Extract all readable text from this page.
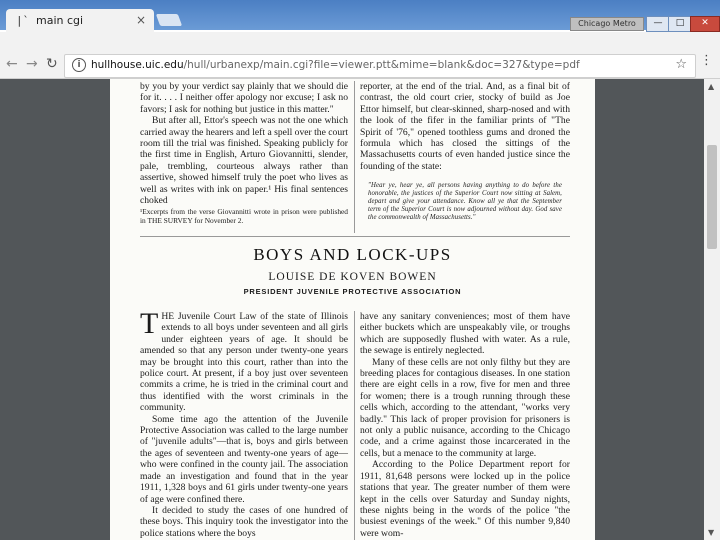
|` main cgi	×	Chicago Metro	—	□	✕
← → ↻	i hullhouse.uic.edu/hull/urbanexp/main.cgi?file=viewer.ptt&mime=blank&doc=327&type=pdf	☆ ⋮

by you by your verdict say plainly that we should die for it. . . . I neither offer apology nor excuse; I ask no favors; I ask for nothing but justice in this matter."

But after all, Ettor's speech was not the one which carried away the hearers and left a spell over the court room till the trial was finished. Speaking publicly for the first time in English, Arturo Giovannitti, slender, pale, trembling, courteous always rather than assertive, showed himself truly the poet who lives as well as writes with ink on paper.¹ His final sentences choked

¹Excerpts from the verse Giovannitti wrote in prison were published in THE SURVEY for November 2.

reporter, at the end of the trial. And, as a final bit of contrast, the old court crier, stocky of build as Joe Ettor himself, but clear-skinned, sharp-nosed and with the look of the fifer in the familiar prints of "The Spirit of '76," opened toothless gums and droned the formula which has closed the sittings of the Massachusetts courts of even handed justice since the founding of the state:

"Hear ye, hear ye, all persons having anything to do before the honorable, the justices of the Superior Court now sitting at Salem, depart and give your attendance. Know all ye that the September term of the Superior Court is now adjourned without day. God save the commonwealth of Massachusetts."

BOYS AND LOCK-UPS
LOUISE DE KOVEN BOWEN
PRESIDENT JUVENILE PROTECTIVE ASSOCIATION

THE Juvenile Court Law of the state of Illinois extends to all boys under seventeen and all girls under eighteen years of age. It should be amended so that any person under twenty-one years may be brought into this court, rather than into the police court. At present, if a boy just over seventeen commits a crime, he is tried in the criminal court and thus identified with the worst criminals in the community.

Some time ago the attention of the Juvenile Protective Association was called to the large number of "juvenile adults"—that is, boys and girls between the ages of seventeen and twenty-one years of age—who were confined in the county jail. The association made an investigation and found that in the year 1911, 1,328 boys and 61 girls under twenty-one years of age were confined there.

It decided to study the cases of one hundred of these boys. This inquiry took the investigator into the police stations where the boys

have any sanitary conveniences; most of them have either buckets which are unspeakably vile, or troughs which are supposedly flushed with water. As a rule, the sewage is entirely neglected.

Many of these cells are not only filthy but they are breeding places for contagious diseases. In one station there are eight cells in a row, five for men and three for women; there is a trough running through these cells which, according to the attendant, "works very badly." This lack of proper provision for prisoners is not only a public nuisance, according to the Chicago code, and a crime against those incarcerated in the cells, but a menace to the community at large.

According to the Police Department report for 1911, 81,648 persons were locked up in the police stations that year. The greater number of them were kept in the cells over Saturday and Sunday nights, these nights being in the words of the police "the busiest evenings of the week." Of this number 9,840 were wom-

▲
▼
